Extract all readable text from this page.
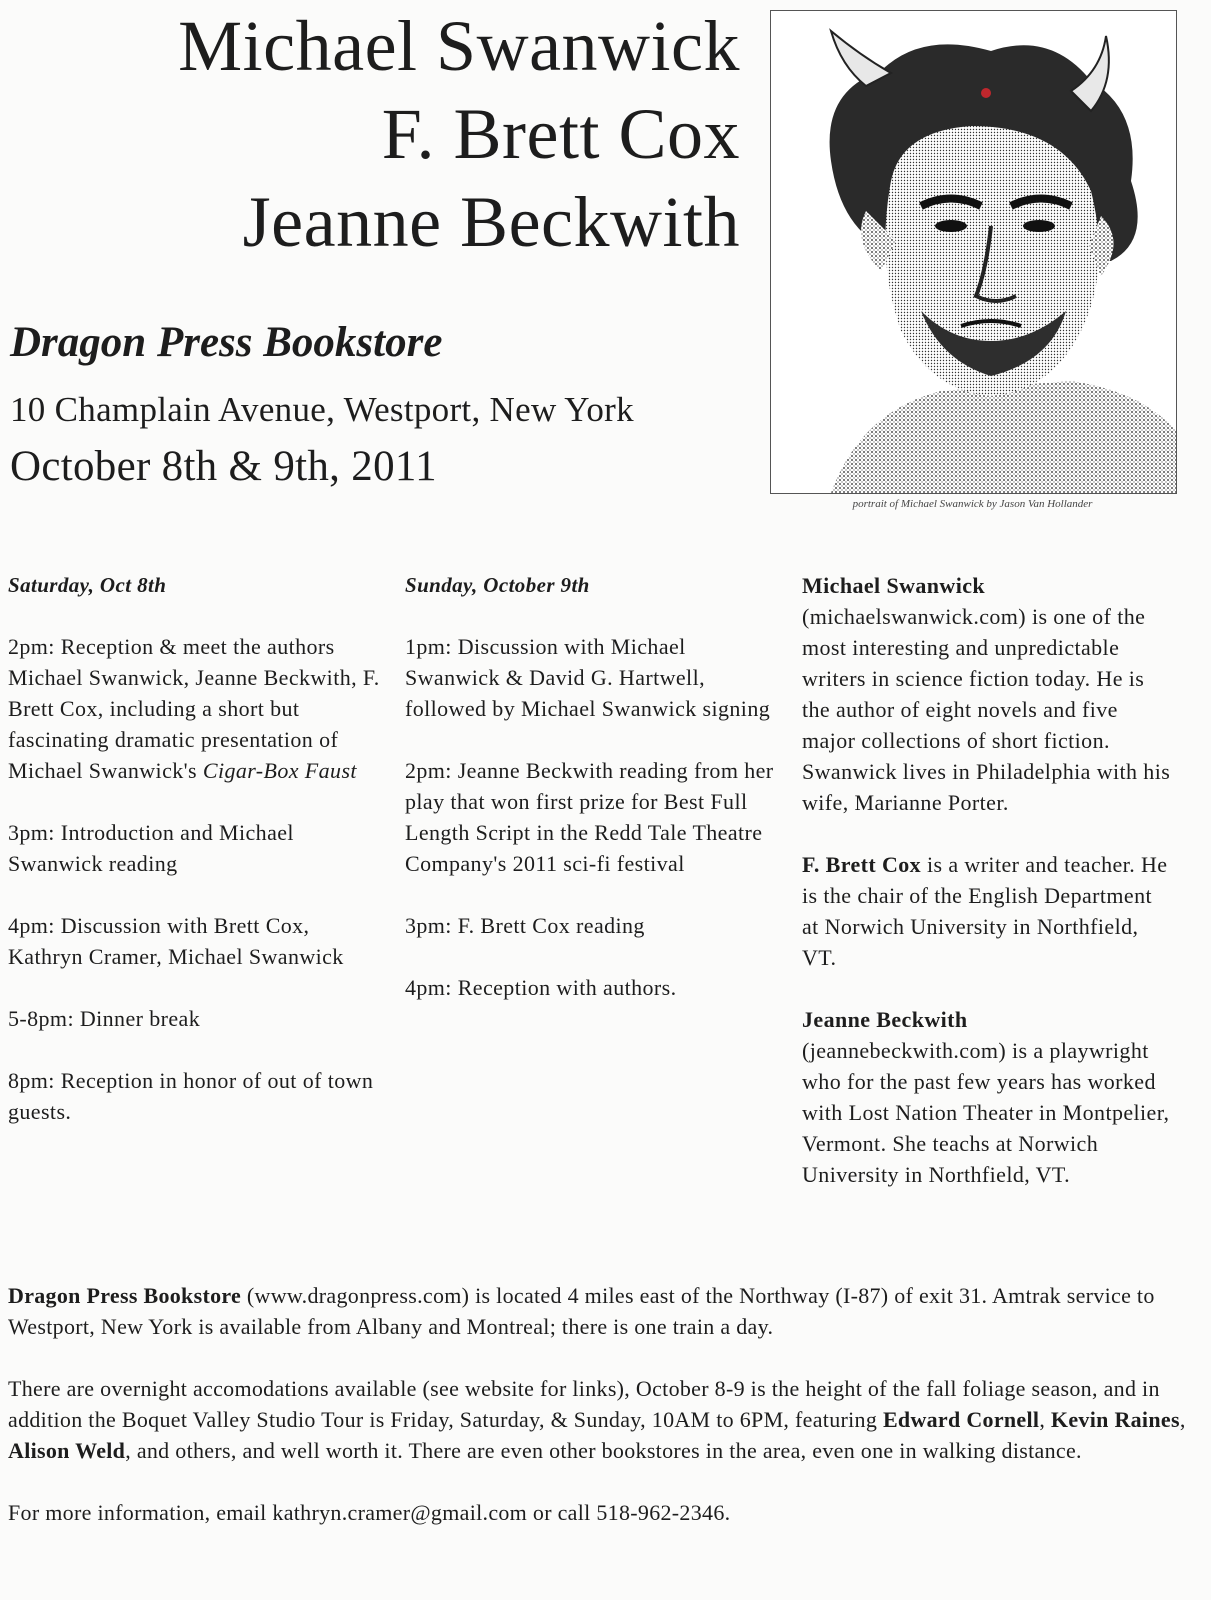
Michael Swanwick
F. Brett Cox
Jeanne Beckwith
Dragon Press Bookstore
10 Champlain Avenue, Westport, New York
October 8th & 9th, 2011
portrait of Michael Swanwick by Jason Van Hollander
Saturday, Oct 8th
2pm: Reception & meet the authors Michael Swanwick, Jeanne Beckwith, F. Brett Cox, including a short but fascinating dramatic presentation of Michael Swanwick's Cigar-Box Faust
3pm: Introduction and Michael Swanwick reading
4pm: Discussion with Brett Cox, Kathryn Cramer, Michael Swanwick
5-8pm: Dinner break
8pm: Reception in honor of out of town guests.
Sunday, October 9th
1pm: Discussion with Michael Swanwick & David G. Hartwell, followed by Michael Swanwick signing
2pm: Jeanne Beckwith reading from her play that won first prize for Best Full Length Script in the Redd Tale Theatre Company's 2011 sci-fi festival
3pm: F. Brett Cox reading
4pm: Reception with authors.
Michael Swanwick (michaelswanwick.com) is one of the most interesting and unpredictable writers in science fiction today. He is the author of eight novels and five major collections of short fiction. Swanwick lives in Philadelphia with his wife, Marianne Porter.
F. Brett Cox is a writer and teacher. He is the chair of the English Department at Norwich University in Northfield, VT.
Jeanne Beckwith (jeannebeckwith.com) is a playwright who for the past few years has worked with Lost Nation Theater in Montpelier, Vermont. She teachs at Norwich University in Northfield, VT.

Dragon Press Bookstore (www.dragonpress.com) is located 4 miles east of the Northway (I-87) of exit 31. Amtrak service to Westport, New York is available from Albany and Montreal; there is one train a day.

There are overnight accomodations available (see website for links), October 8-9 is the height of the fall foliage season, and in addition the Boquet Valley Studio Tour is Friday, Saturday, & Sunday, 10AM to 6PM, featuring Edward Cornell, Kevin Raines, Alison Weld, and others, and well worth it. There are even other bookstores in the area, even one in walking distance.

For more information, email kathryn.cramer@gmail.com or call 518-962-2346.
